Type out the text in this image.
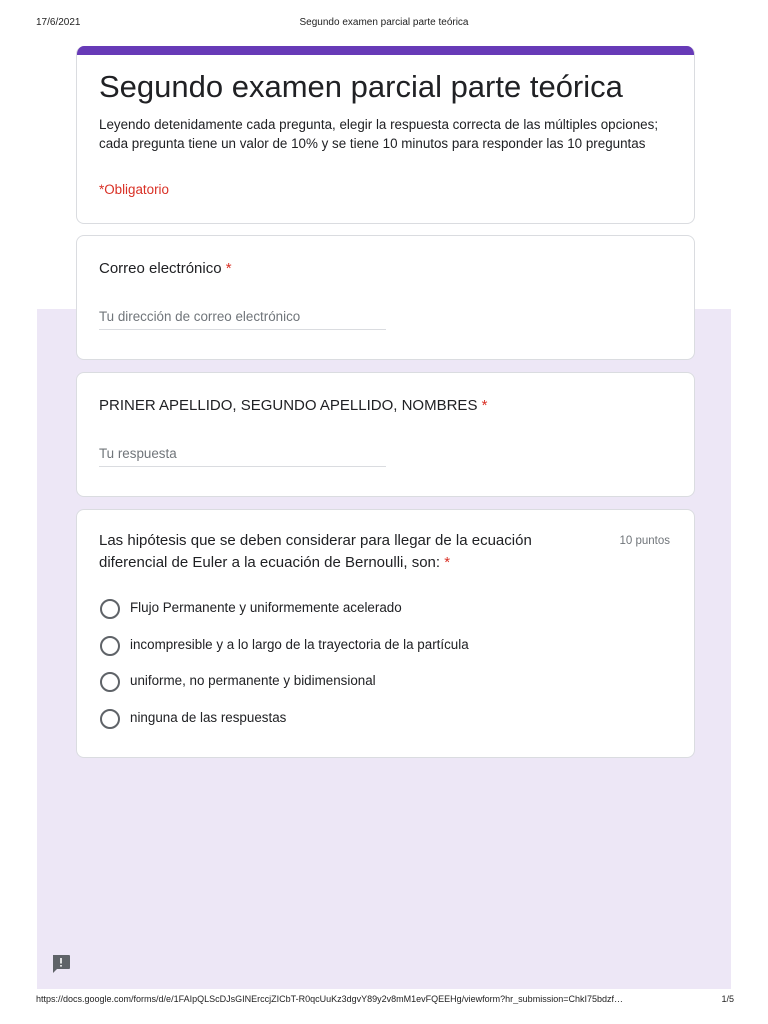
17/6/2021	Segundo examen parcial parte teórica
Segundo examen parcial parte teórica

Leyendo detenidamente cada pregunta, elegir la respuesta correcta de las múltiples opciones; cada pregunta tiene un valor de 10% y se tiene 10 minutos para responder las 10 preguntas

*Obligatorio
Correo electrónico *
Tu dirección de correo electrónico
PRINER APELLIDO, SEGUNDO APELLIDO, NOMBRES *
Tu respuesta
Las hipótesis que se deben considerar para llegar de la ecuación diferencial de Euler a la ecuación de Bernoulli, son: *
10 puntos
Flujo Permanente y uniformemente acelerado
incompresible y a lo largo de la trayectoria de la partícula
uniforme, no permanente y bidimensional
ninguna de las respuestas
https://docs.google.com/forms/d/e/1FAIpQLScDJsGINErccjZICbT-R0qcUuKz3dgvY89y2v8mM1evFQEEHg/viewform?hr_submission=ChkI75bdzf…	1/5
